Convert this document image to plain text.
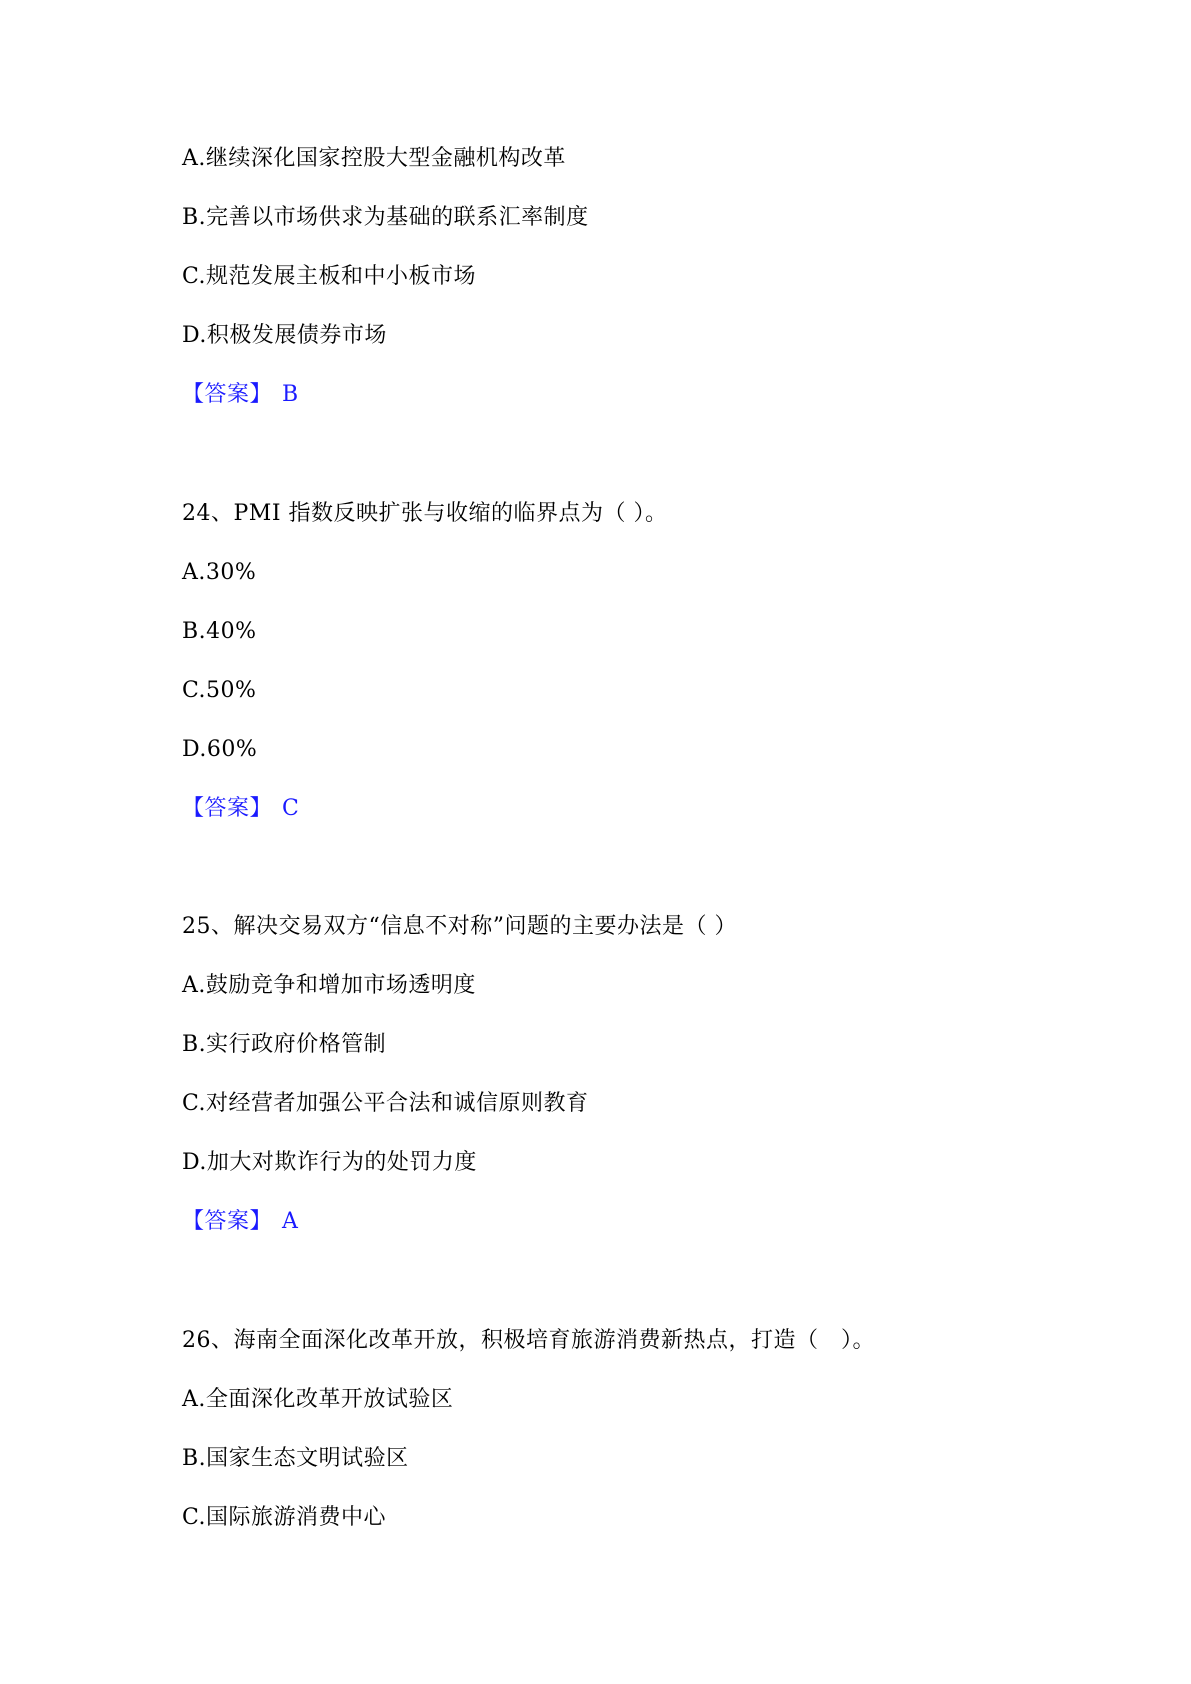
A.继续深化国家控股大型金融机构改革
B.完善以市场供求为基础的联系汇率制度
C.规范发展主板和中小板市场
D.积极发展债券市场
【答案】 B
24、PMI 指数反映扩张与收缩的临界点为（ ）。
A.30%
B.40%
C.50%
D.60%
【答案】 C
25、解决交易双方“信息不对称”问题的主要办法是（ ）
A.鼓励竞争和增加市场透明度
B.实行政府价格管制
C.对经营者加强公平合法和诚信原则教育
D.加大对欺诈行为的处罚力度
【答案】 A
26、海南全面深化改革开放，积极培育旅游消费新热点，打造（　）。
A.全面深化改革开放试验区
B.国家生态文明试验区
C.国际旅游消费中心
